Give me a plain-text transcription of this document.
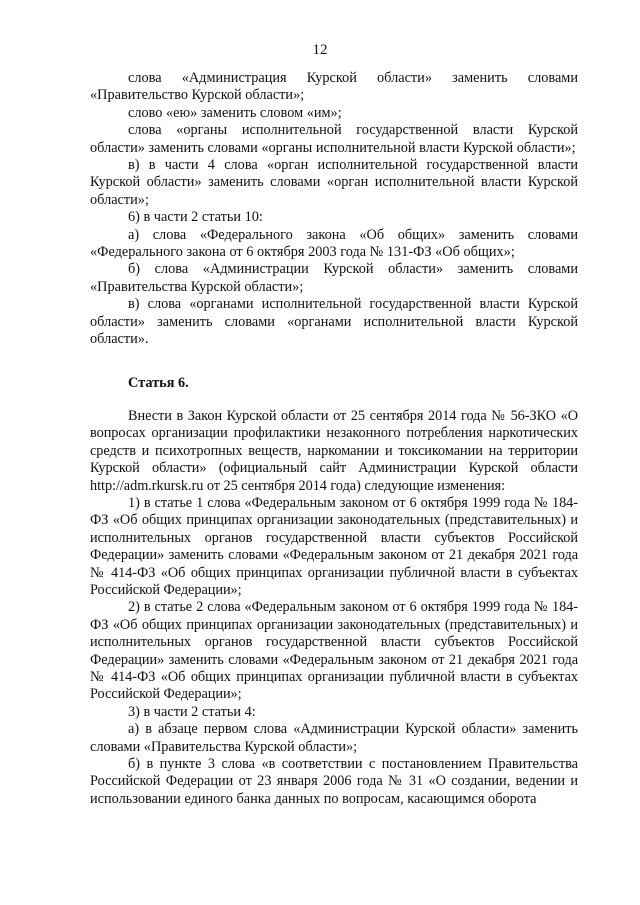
12

слова «Администрация Курской области» заменить словами «Правительство Курской области»;

слово «ею» заменить словом «им»;

слова «органы исполнительной государственной власти Курской области» заменить словами «органы исполнительной власти Курской области»;

в) в части 4 слова «орган исполнительной государственной власти Курской области» заменить словами «орган исполнительной власти Курской области»;

6) в части 2 статьи 10:

а) слова «Федерального закона «Об общих» заменить словами «Федерального закона от 6 октября 2003 года № 131-ФЗ «Об общих»;

б) слова «Администрации Курской области» заменить словами «Правительства Курской области»;

в) слова «органами исполнительной государственной власти Курской области» заменить словами «органами исполнительной власти Курской области».

Статья 6.

Внести в Закон Курской области от 25 сентября 2014 года № 56-ЗКО «О вопросах организации профилактики незаконного потребления наркотических средств и психотропных веществ, наркомании и токсикомании на территории Курской области» (официальный сайт Администрации Курской области http://adm.rkursk.ru от 25 сентября 2014 года) следующие изменения:

1) в статье 1 слова «Федеральным законом от 6 октября 1999 года № 184-ФЗ «Об общих принципах организации законодательных (представительных) и исполнительных органов государственной власти субъектов Российской Федерации» заменить словами «Федеральным законом от 21 декабря 2021 года № 414-ФЗ «Об общих принципах организации публичной власти в субъектах Российской Федерации»;

2) в статье 2 слова «Федеральным законом от 6 октября 1999 года № 184-ФЗ «Об общих принципах организации законодательных (представительных) и исполнительных органов государственной власти субъектов Российской Федерации» заменить словами «Федеральным законом от 21 декабря 2021 года № 414-ФЗ «Об общих принципах организации публичной власти в субъектах Российской Федерации»;

3) в части 2 статьи 4:

а) в абзаце первом слова «Администрации Курской области» заменить словами «Правительства Курской области»;

б) в пункте 3 слова «в соответствии с постановлением Правительства Российской Федерации от 23 января 2006 года № 31 «О создании, ведении и использовании единого банка данных по вопросам, касающимся оборота
